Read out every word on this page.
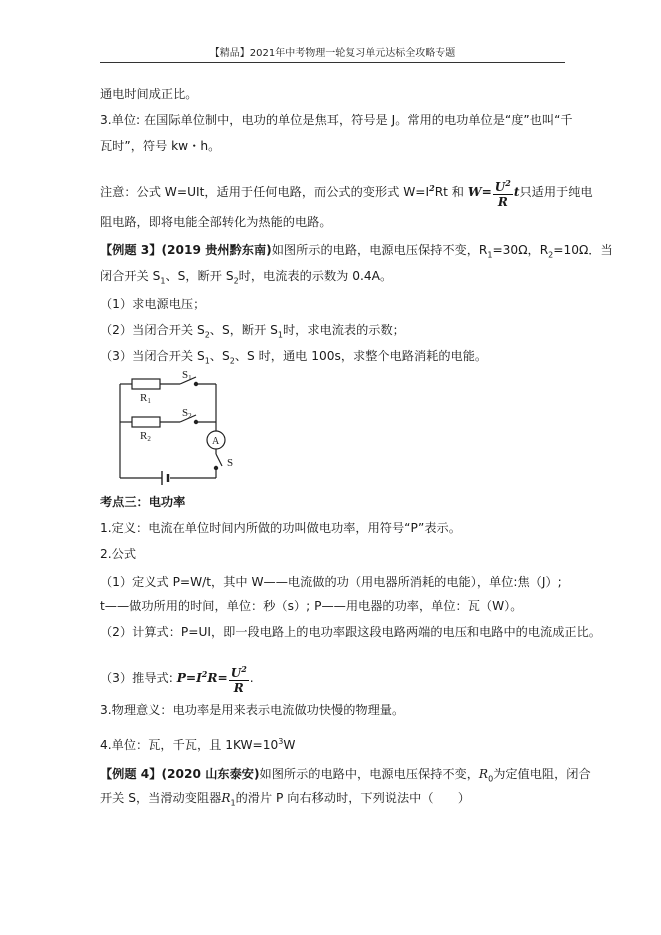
【精品】2021年中考物理一轮复习单元达标全攻略专题
通电时间成正比。
3.单位: 在国际单位制中，电功的单位是焦耳，符号是 J。常用的电功单位是“度”也叫“千
瓦时”，符号 kw・h。
注意：公式 W=UIt，适用于任何电路，而公式的变形式 $W=I^2Rt$ 和 $W= \frac{U^2}{R}$ t只适用于纯电
阻电路，即将电能全部转化为热能的电路。
【例题 3】(2019 贵州黔东南)如图所示的电路，电源电压保持不变，$R_1=30\Omega$，$R_2=10\Omega$．当
闭合开关 $S_1$、S，断开 $S_2$时，电流表的示数为 0.4A。
（1）求电源电压；
（2）当闭合开关 $S_2$、S，断开 $S_1$时，求电流表的示数；
（3）当闭合开关 $S_1$、$S_2$、S 时，通电 100s，求整个电路消耗的电能。
R1
R2
S1
S2
S
A
考点三：电功率
1.定义：电流在单位时间内所做的功叫做电功率，用符号“P”表示。
2.公式
（1）定义式 P=W/t，其中 W——电流做的功（用电器所消耗的电能），单位:焦（J）;
t——做功所用的时间，单位：秒（s）; P——用电器的功率，单位：瓦（W）。
（2）计算式：P=UI，即一段电路上的电功率跟这段电路两端的电压和电路中的电流成正比。
（3）推导式: $P=I^2R= \frac{U^2}{R}$ .
3.物理意义：电功率是用来表示电流做功快慢的物理量。
4.单位：瓦，千瓦，且 $1KW=10^3W$
【例题 4】(2020 山东泰安)如图所示的电路中，电源电压保持不变，$R_0$为定值电阻，闭合
开关 S，当滑动变阻器$R_1$的滑片 P 向右移动时，下列说法中（　　）
